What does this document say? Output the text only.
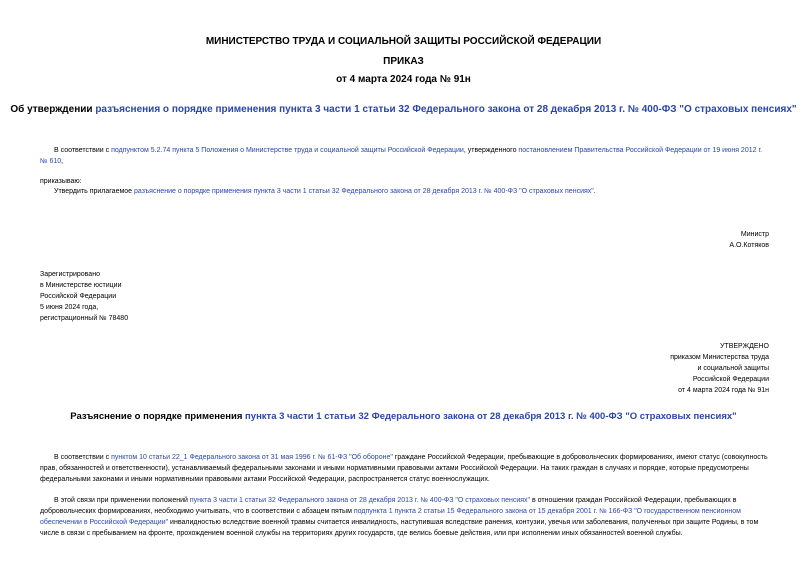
МИНИСТЕРСТВО ТРУДА И СОЦИАЛЬНОЙ ЗАЩИТЫ РОССИЙСКОЙ ФЕДЕРАЦИИ
ПРИКАЗ
от 4 марта 2024 года № 91н
Об утверждении разъяснения о порядке применения пункта 3 части 1 статьи 32 Федерального закона от 28 декабря 2013 г. № 400-ФЗ "О страховых пенсиях"
В соответствии с подпунктом 5.2.74 пункта 5 Положения о Министерстве труда и социальной защиты Российской Федерации, утвержденного постановлением Правительства Российской Федерации от 19 июня 2012 г. № 610,
приказываю:
Утвердить прилагаемое разъяснение о порядке применения пункта 3 части 1 статьи 32 Федерального закона от 28 декабря 2013 г. № 400-ФЗ "О страховых пенсиях".
Министр
А.О.Котяков
Зарегистрировано
в Министерстве юстиции
Российской Федерации
5 июня 2024 года,
регистрационный № 78480
УТВЕРЖДЕНО
приказом Министерства труда
и социальной защиты
Российской Федерации
от 4 марта 2024 года № 91н
Разъяснение о порядке применения пункта 3 части 1 статьи 32 Федерального закона от 28 декабря 2013 г. № 400-ФЗ "О страховых пенсиях"
В соответствии с пунктом 10 статьи 22_1 Федерального закона от 31 мая 1996 г. № 61-ФЗ "Об обороне" граждане Российской Федерации, пребывающие в добровольческих формированиях, имеют статус (совокупность прав, обязанностей и ответственности), устанавливаемый федеральными законами и иными нормативными правовыми актами Российской Федерации. На таких граждан в случаях и порядке, которые предусмотрены федеральными законами и иными нормативными правовыми актами Российской Федерации, распространяется статус военнослужащих.
В этой связи при применении положений пункта 3 части 1 статьи 32 Федерального закона от 28 декабря 2013 г. № 400-ФЗ "О страховых пенсиях" в отношении граждан Российской Федерации, пребывающих в добровольческих формированиях, необходимо учитывать, что в соответствии с абзацем пятым подпункта 1 пункта 2 статьи 15 Федерального закона от 15 декабря 2001 г. № 166-ФЗ "О государственном пенсионном обеспечении в Российской Федерации" инвалидностью вследствие военной травмы считается инвалидность, наступившая вследствие ранения, контузии, увечья или заболевания, полученных при защите Родины, в том числе в связи с пребыванием на фронте, прохождением военной службы на территориях других государств, где велись боевые действия, или при исполнении иных обязанностей военной службы.
